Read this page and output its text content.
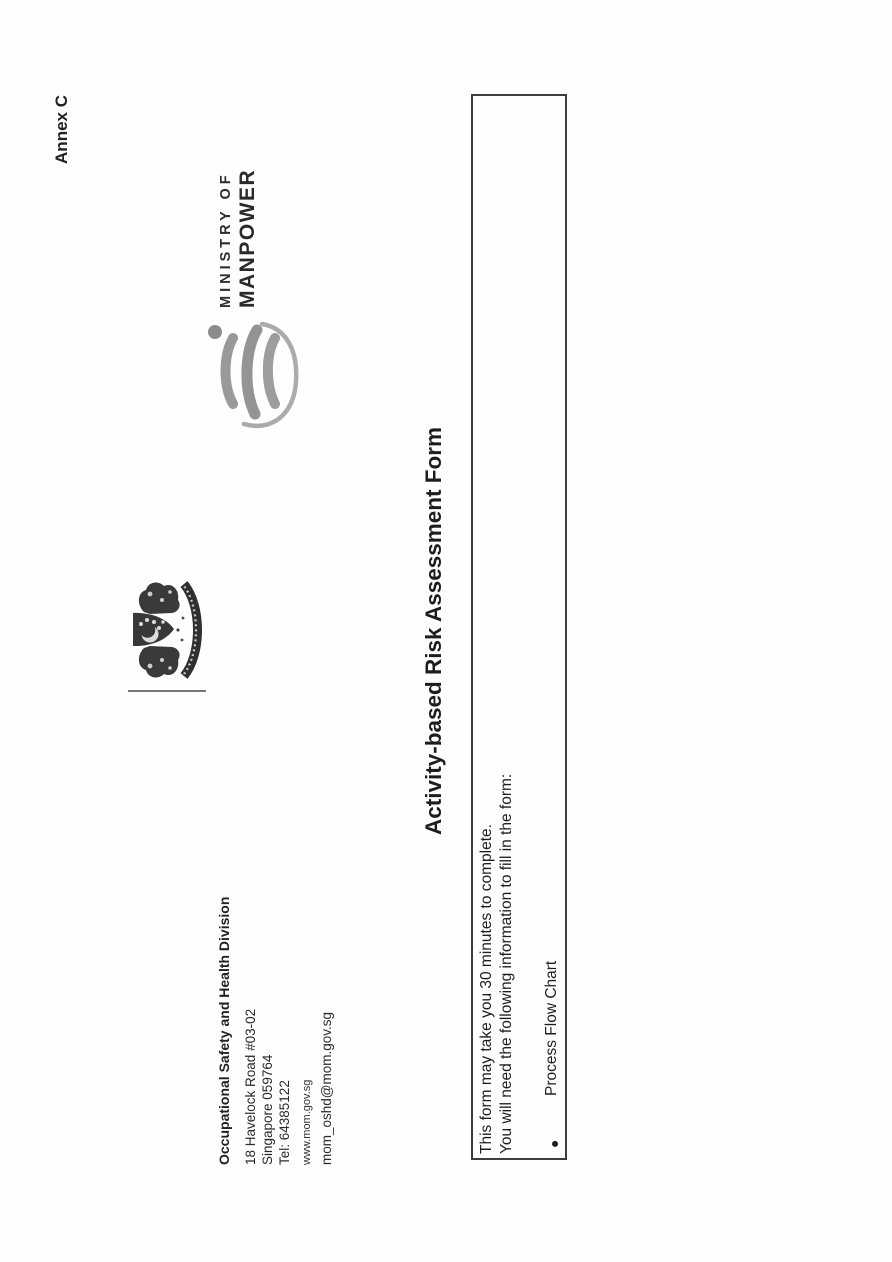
Annex C
Occupational Safety and Health Division 18 Havelock Road #03-02 Singapore 059764 Tel: 64385122 www.mom.gov.sg mom_oshd@mom.gov.sg
MINISTRY OF MANPOWER
Activity-based Risk Assessment Form

This form may take you 30 minutes to complete. You will need the following information to fill in the form: ●
Process Flow Chart
